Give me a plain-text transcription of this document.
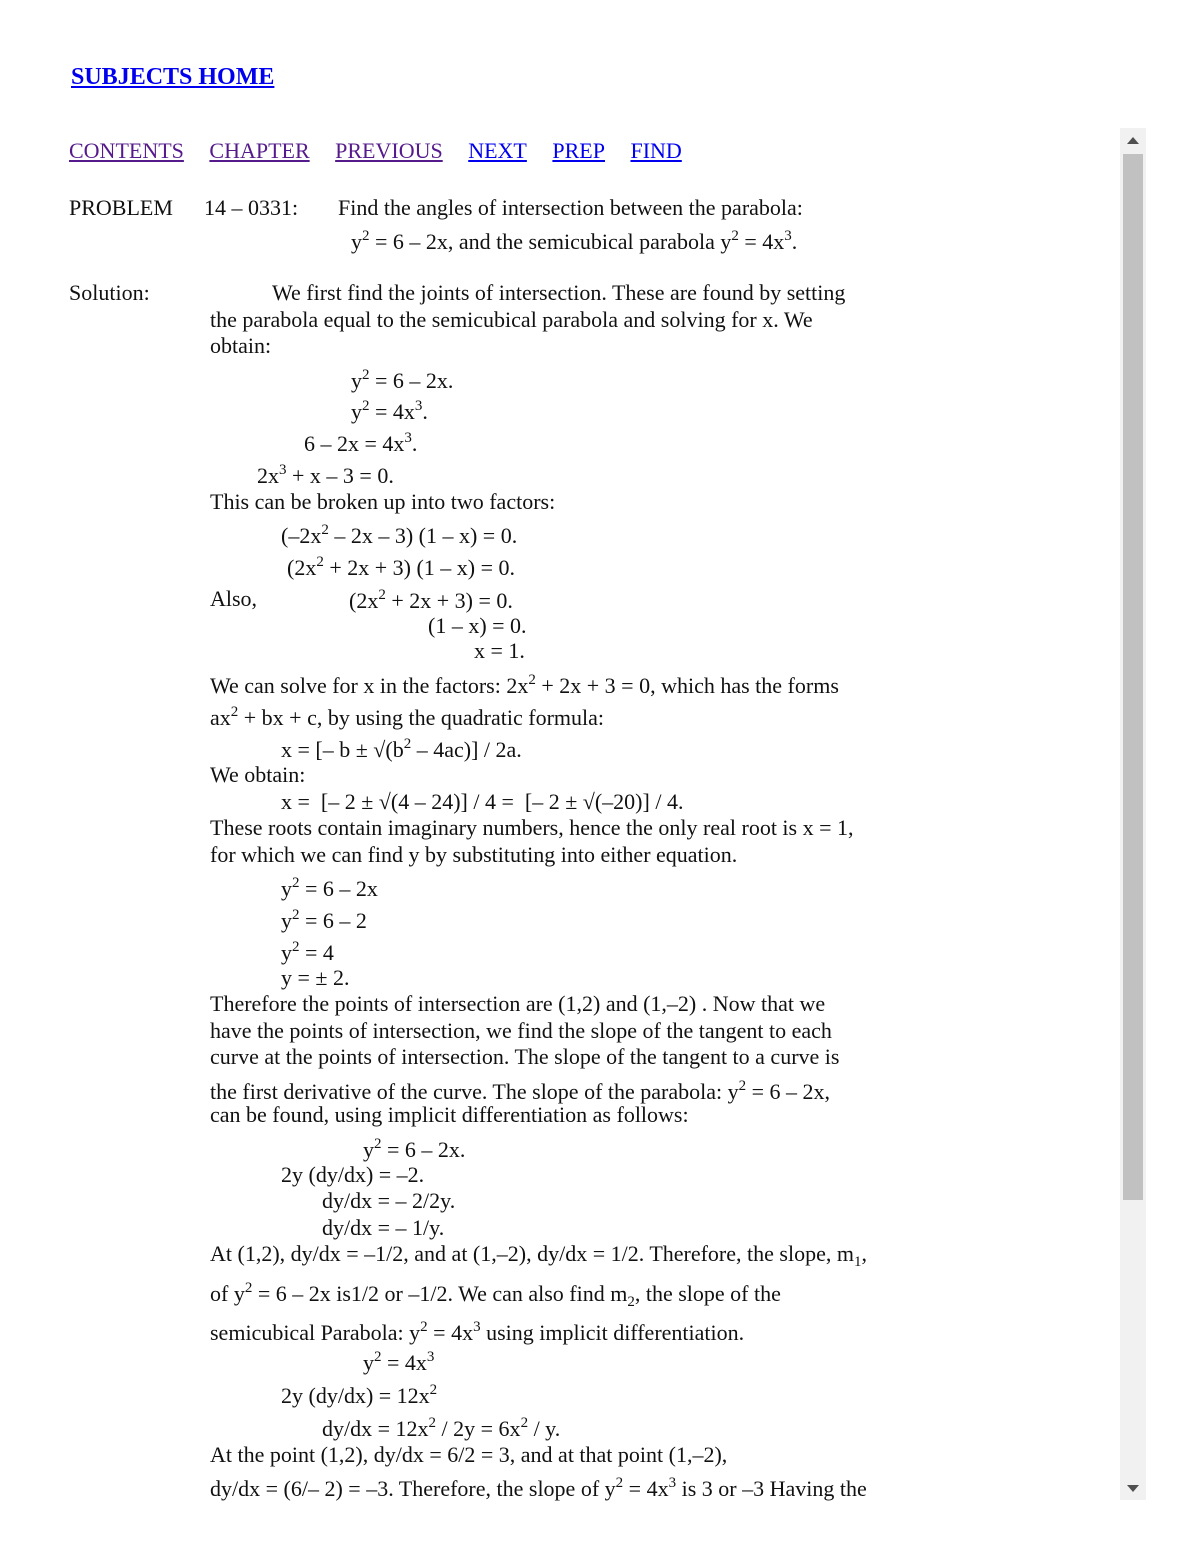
SUBJECTS HOME
CONTENTS CHAPTER PREVIOUS NEXT PREP FIND
PROBLEM 14 – 0331: Find the angles of intersection between the parabola:
$y^2 = 6 - 2x$, and the semicubical parabola $y^2 = 4x^3$.
Solution:	We first find the joints of intersection. These are found by setting
the parabola equal to the semicubical parabola and solving for x. We
obtain:
$y^2 = 6 - 2x$.
$y^2 = 4x^3$.
$6 - 2x = 4x^3$.
$2x^3 + x - 3 = 0$.
This can be broken up into two factors:
$(-2x^2 - 2x - 3)$ (1 – x) = 0.
$(2x^2 + 2x + 3)$ (1 – x) = 0.
Also,	$(2x^2 + 2x + 3) = 0$.
(1 – x) = 0.
x = 1.
We can solve for x in the factors: $2x^2 + 2x + 3 = 0$, which has the forms
$ax^2$ + bx + c, by using the quadratic formula:
x = [– $b \pm √(b^2 - 4ac)] / 2a$.
We obtain:
x =  [– 2 ± √(4 – 24)] / 4 =  [– 2 ± √(–20)] / 4.
These roots contain imaginary numbers, hence the only real root is x = 1,
for which we can find y by substituting into either equation.
$y^2 = 6 - 2x$
$y^2 = 6 - 2$
$y^2 = 4$
y = ± 2.
Therefore the points of intersection are (1,2) and (1,–2) . Now that we
have the points of intersection, we find the slope of the tangent to each
curve at the points of intersection. The slope of the tangent to a curve is
the first derivative of the curve. The slope of the parabola: $y^2 = 6 - 2x$,
can be found, using implicit differentiation as follows:
$y^2 = 6 - 2x$.
2y (dy/dx) = –2.
dy/dx = – 2/2y.
dy/dx = – 1/y.
At (1,2), dy/dx = –1/2, and at (1,–2), dy/dx = 1/2. Therefore, the slope, $m_1$,
of $y^2 = 6 - 2x$ is1/2 or –1/2. We can also find $m_2$, the slope of the
semicubical Parabola: $y^2 = 4x^3$ using implicit differentiation.
$y^2 = 4x^3$
2y $(dy/dx) = 12x^2$
$dy/dx = 12x^2 / 2y = 6x^2 / y$.
At the point (1,2), dy/dx = 6/2 = 3, and at that point (1,–2),
dy/dx = (6/– 2) = –3. Therefore, the slope of $y^2 = 4x^3$ is 3 or –3 Having the
